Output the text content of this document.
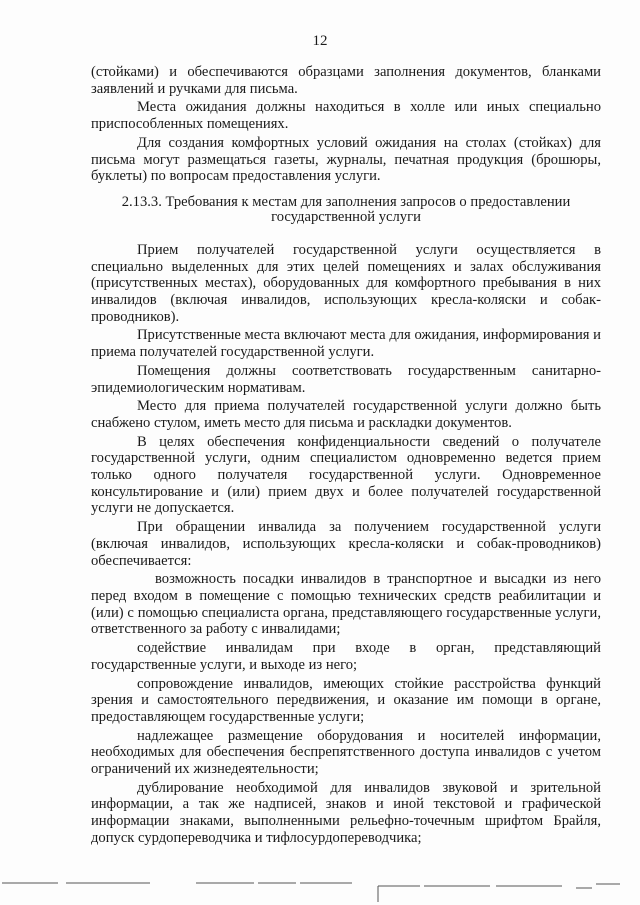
12

(стойками) и обеспечиваются образцами заполнения документов, бланками заявлений и ручками для письма.

Места ожидания должны находиться в холле или иных специально приспособленных помещениях.

Для создания комфортных условий ожидания на столах (стойках) для письма могут размещаться газеты, журналы, печатная продукция (брошюры, буклеты) по вопросам предоставления услуги.

2.13.3. Требования к местам для заполнения запросов о предоставлении государственной услуги

Прием получателей государственной услуги осуществляется в специально выделенных для этих целей помещениях и залах обслуживания (присутственных местах), оборудованных для комфортного пребывания в них инвалидов (включая инвалидов, использующих кресла-коляски и собак-проводников).

Присутственные места включают места для ожидания, информирования и приема получателей государственной услуги.

Помещения должны соответствовать государственным санитарно-эпидемиологическим нормативам.

Место для приема получателей государственной услуги должно быть снабжено стулом, иметь место для письма и раскладки документов.

В целях обеспечения конфиденциальности сведений о получателе государственной услуги, одним специалистом одновременно ведется прием только одного получателя государственной услуги. Одновременное консультирование и (или) прием двух и более получателей государственной услуги не допускается.

При обращении инвалида за получением государственной услуги (включая инвалидов, использующих кресла-коляски и собак-проводников) обеспечивается:

возможность посадки инвалидов в транспортное и высадки из него перед входом в помещение с помощью технических средств реабилитации и (или) с помощью специалиста органа, представляющего государственные услуги, ответственного за работу с инвалидами;

содействие инвалидам при входе в орган, представляющий государственные услуги, и выходе из него;

сопровождение инвалидов, имеющих стойкие расстройства функций зрения и самостоятельного передвижения, и оказание им помощи в органе, предоставляющем государственные услуги;

надлежащее размещение оборудования и носителей информации, необходимых для обеспечения беспрепятственного доступа инвалидов с учетом ограничений их жизнедеятельности;

дублирование необходимой для инвалидов звуковой и зрительной информации, а так же надписей, знаков и иной текстовой и графической информации знаками, выполненными рельефно-точечным шрифтом Брайля, допуск сурдопереводчика и тифлосурдопереводчика;
